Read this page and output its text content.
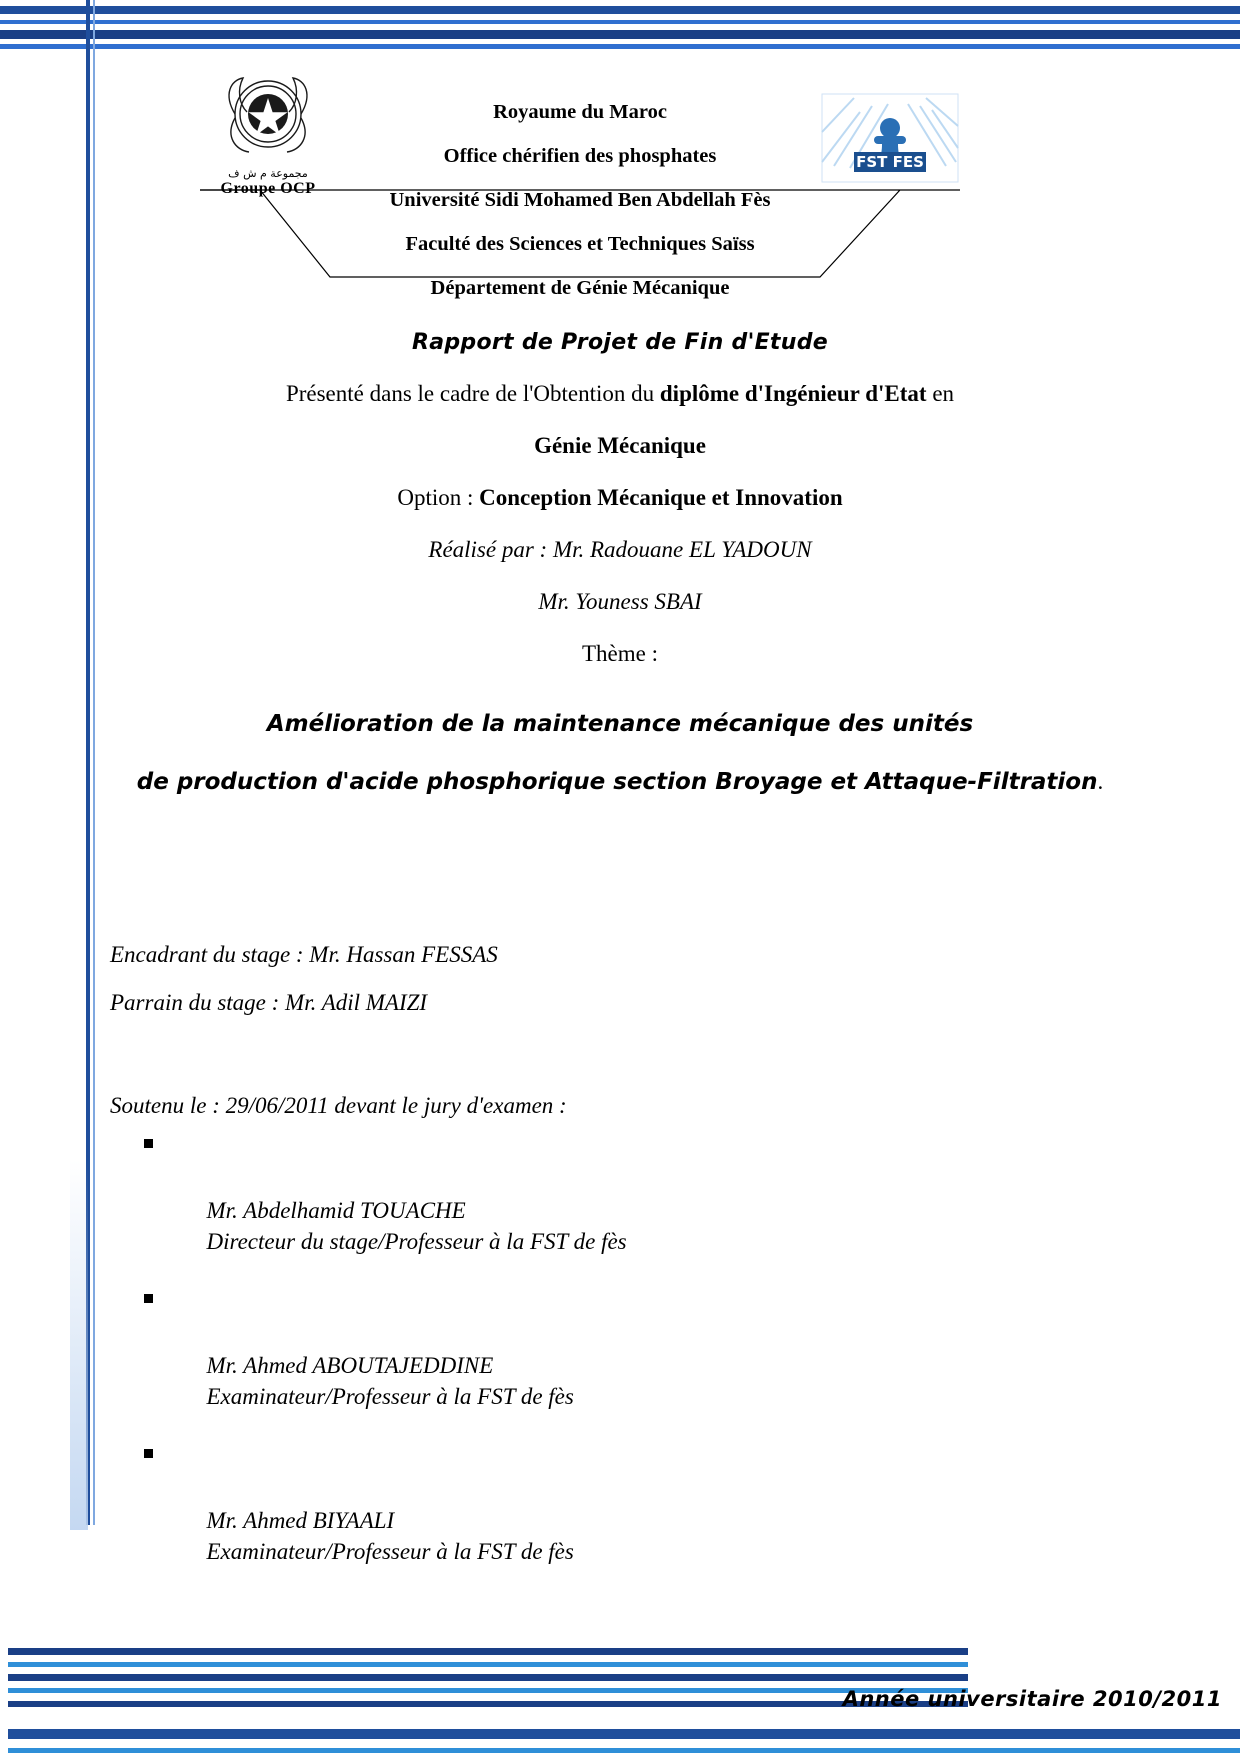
مجموعة م ش ف
Groupe OCP
FST FES
Royaume du Maroc
Office chérifien des phosphates
Université Sidi Mohamed Ben Abdellah Fès
Faculté des Sciences et Techniques Saïss
Département de Génie Mécanique
Rapport de Projet de Fin d'Etude
Présenté dans le cadre de l'Obtention du diplôme d'Ingénieur d'Etat en
Génie Mécanique
Option : Conception Mécanique et Innovation
Réalisé par : Mr. Radouane EL YADOUN
Mr. Youness SBAI
Thème :
Amélioration de la maintenance mécanique des unités
de production d'acide phosphorique section Broyage et Attaque-Filtration.
Encadrant du stage : Mr. Hassan FESSAS
Parrain du stage : Mr. Adil MAIZI
Soutenu le : 29/06/2011 devant le jury d'examen :

Mr. Abdelhamid TOUACHE
Directeur du stage/Professeur à la FST de fès

Mr. Ahmed ABOUTAJEDDINE
Examinateur/Professeur à la FST de fès

Mr. Ahmed BIYAALI
Examinateur/Professeur à la FST de fès

Année universitaire 2010/2011
